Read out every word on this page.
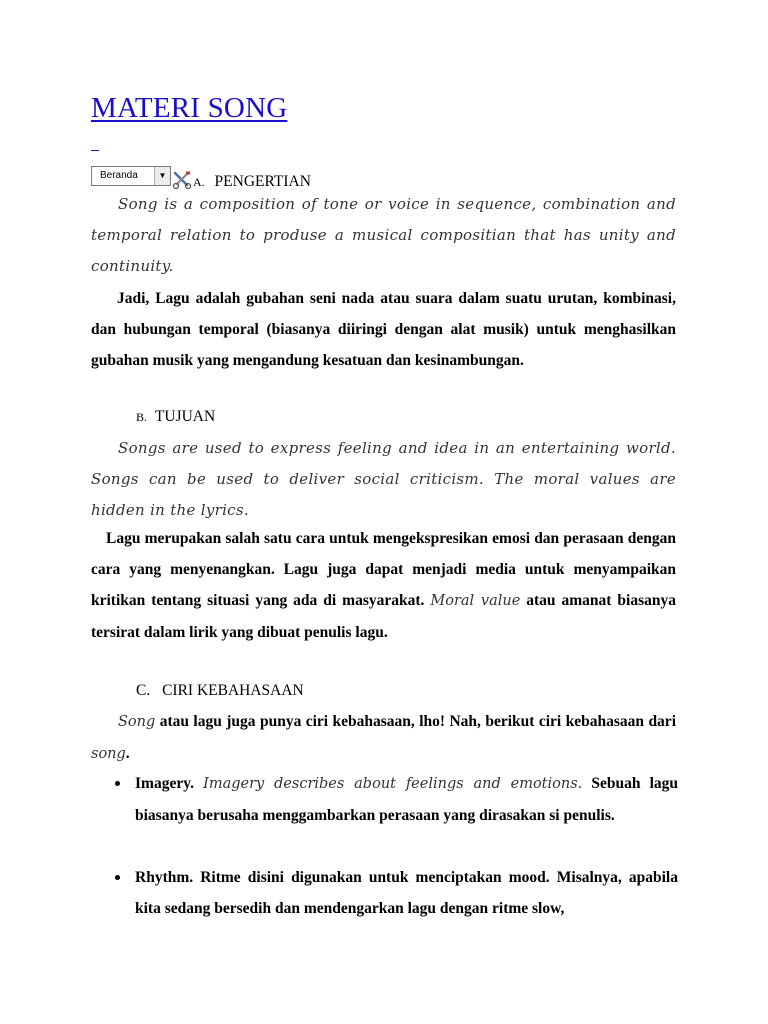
MATERI SONG
Beranda	▼ A. PENGERTIAN

Song is a composition of tone or voice in sequence, combination and temporal relation to produse a musical compositian that has unity and continuity.

Jadi, Lagu adalah gubahan seni nada atau suara dalam suatu urutan, kombinasi, dan hubungan temporal (biasanya diiringi dengan alat musik) untuk menghasilkan gubahan musik yang mengandung kesatuan dan kesinambungan.

B. TUJUAN

Songs are used to express feeling and idea in an entertaining world. Songs can be used to deliver social criticism. The moral values are hidden in the lyrics.

Lagu merupakan salah satu cara untuk mengekspresikan emosi dan perasaan dengan cara yang menyenangkan. Lagu juga dapat menjadi media untuk menyampaikan kritikan tentang situasi yang ada di masyarakat. Moral value atau amanat biasanya tersirat dalam lirik yang dibuat penulis lagu.

C. CIRI KEBAHASAAN

Song atau lagu juga punya ciri kebahasaan, lho! Nah, berikut ciri kebahasaan dari song.

Imagery. Imagery describes about feelings and emotions. Sebuah lagu biasanya berusaha menggambarkan perasaan yang dirasakan si penulis.
Rhythm. Ritme disini digunakan untuk menciptakan mood. Misalnya, apabila kita sedang bersedih dan mendengarkan lagu dengan ritme slow,
